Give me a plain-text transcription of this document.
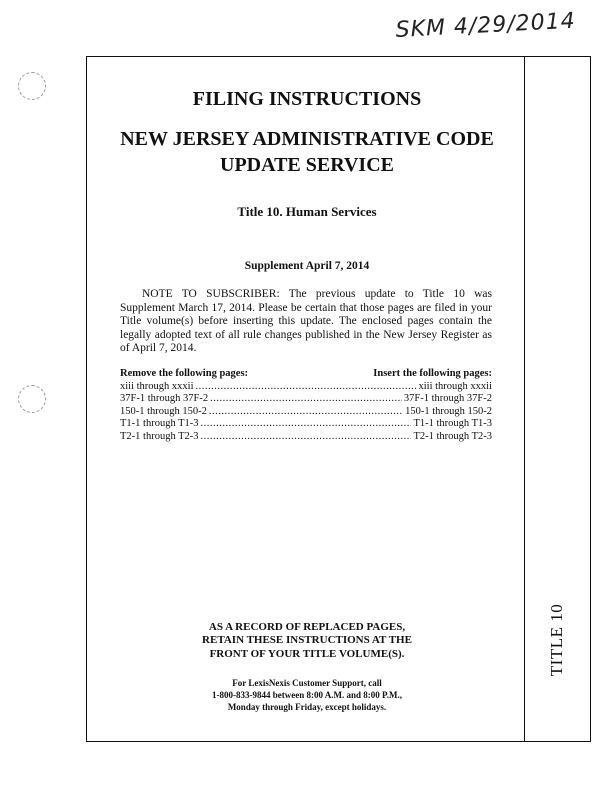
SKM 4/29/2014
TITLE 10
FILING INSTRUCTIONS
NEW JERSEY ADMINISTRATIVE CODE
UPDATE SERVICE
Title 10. Human Services
Supplement April 7, 2014

NOTE TO SUBSCRIBER: The previous update to Title 10 was Supplement March 17, 2014. Please be certain that those pages are filed in your Title volume(s) before inserting this update. The enclosed pages contain the legally adopted text of all rule changes published in the New Jersey Register as of April 7, 2014.

Remove the following pages:	Insert the following pages:
xiii through xxxii .....	xiii through xxxii
37F-1 through 37F-2 .....	37F-1 through 37F-2
150-1 through 150-2 .....	150-1 through 150-2
T1-1 through T1-3 .....	T1-1 through T1-3
T2-1 through T2-3 .....	T2-1 through T2-3
AS A RECORD OF REPLACED PAGES,
RETAIN THESE INSTRUCTIONS AT THE
FRONT OF YOUR TITLE VOLUME(S).
For LexisNexis Customer Support, call
1-800-833-9844 between 8:00 A.M. and 8:00 P.M.,
Monday through Friday, except holidays.
